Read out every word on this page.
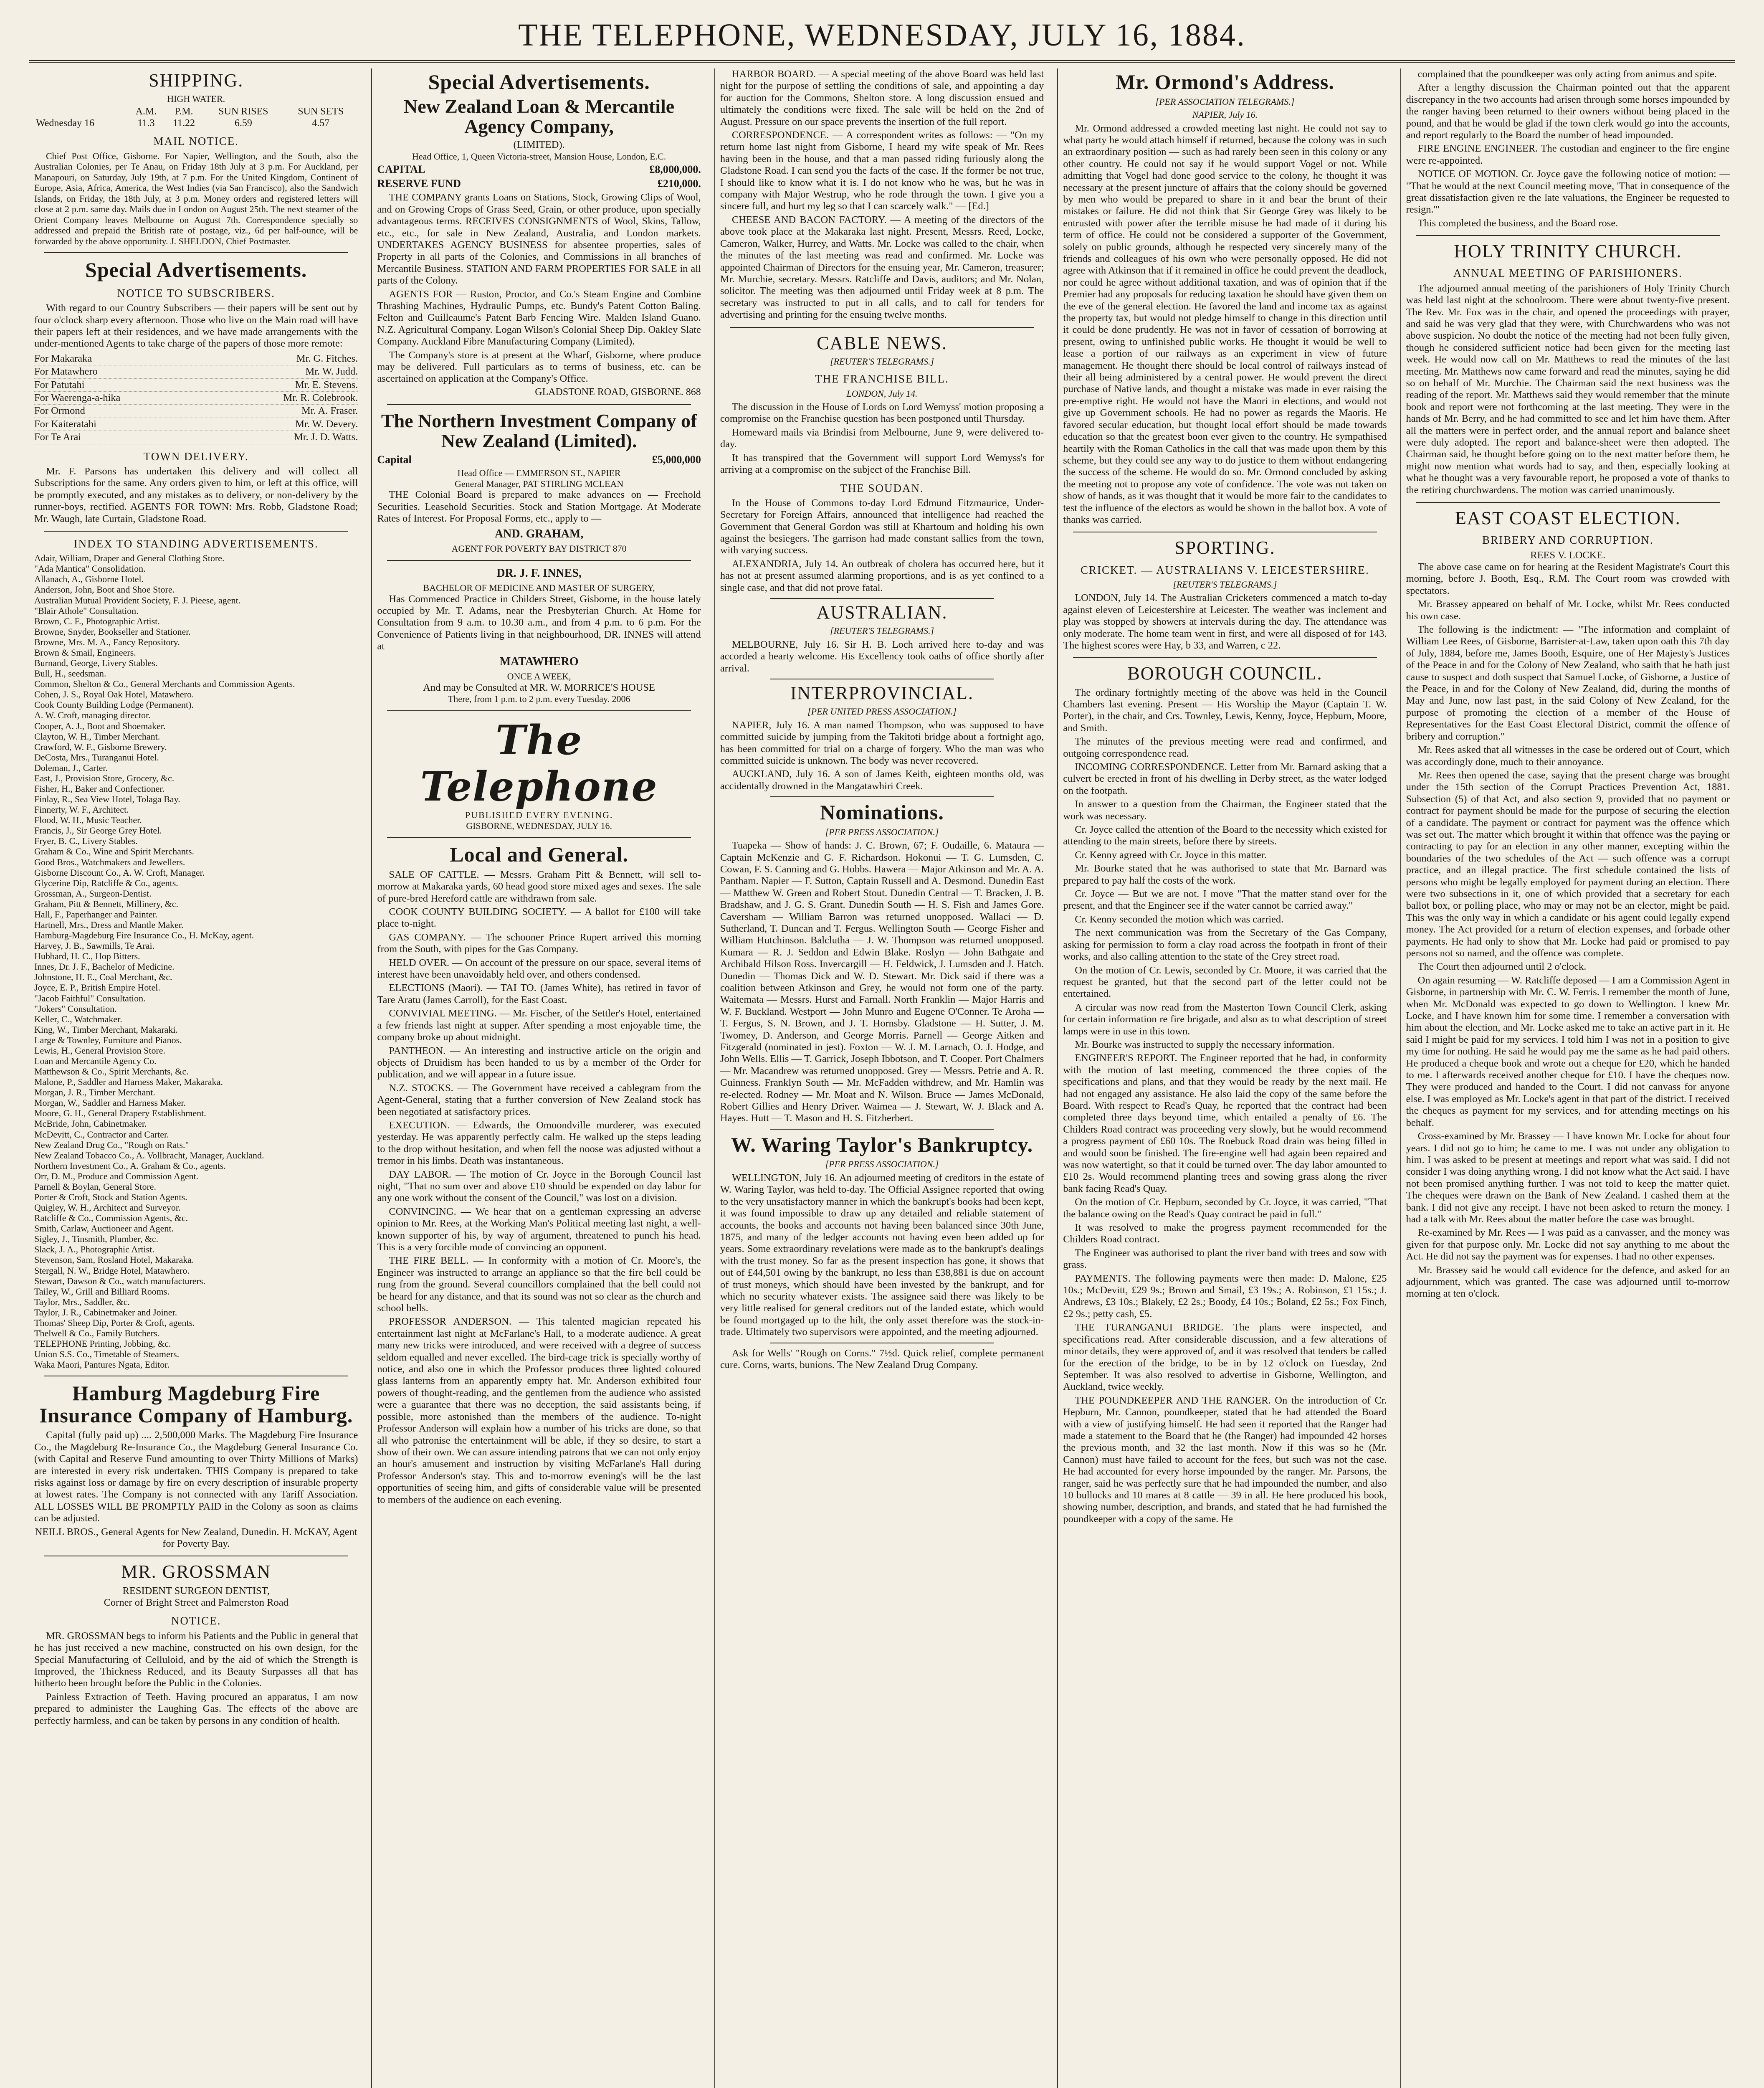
THE TELEPHONE, WEDNESDAY, JULY 16, 1884.
SHIPPING.
HIGH WATER.
	A.M.	P.M.	SUN RISES	SUN SETS
Wednesday 16	11.3	11.22	6.59	4.57
MAIL NOTICE.

Chief Post Office, Gisborne. For Napier, Wellington, and the South, also the Australian Colonies, per Te Anau, on Friday 18th July at 3 p.m. For Auckland, per Manapouri, on Saturday, July 19th, at 7 p.m. For the United Kingdom, Continent of Europe, Asia, Africa, America, the West Indies (via San Francisco), also the Sandwich Islands, on Friday, the 18th July, at 3 p.m. Money orders and registered letters will close at 2 p.m. same day. Mails due in London on August 25th. The next steamer of the Orient Company leaves Melbourne on August 7th. Correspondence specially so addressed and prepaid the British rate of postage, viz., 6d per half-ounce, will be forwarded by the above opportunity. J. SHELDON, Chief Postmaster.

Special Advertisements.
NOTICE TO SUBSCRIBERS.

With regard to our Country Subscribers — their papers will be sent out by four o'clock sharp every afternoon. Those who live on the Main road will have their papers left at their residences, and we have made arrangements with the under-mentioned Agents to take charge of the papers of those more remote:

For Makaraka	Mr. G. Fitches.
For Matawhero	Mr. W. Judd.
For Patutahi	Mr. E. Stevens.
For Waerenga-a-hika	Mr. R. Colebrook.
For Ormond	Mr. A. Fraser.
For Kaiteratahi	Mr. W. Devery.
For Te Arai	Mr. J. D. Watts.
TOWN DELIVERY.

Mr. F. Parsons has undertaken this delivery and will collect all Subscriptions for the same. Any orders given to him, or left at this office, will be promptly executed, and any mistakes as to delivery, or non-delivery by the runner-boys, rectified. AGENTS FOR TOWN: Mrs. Robb, Gladstone Road; Mr. Waugh, late Curtain, Gladstone Road.

INDEX TO STANDING ADVERTISEMENTS.
Adair, William, Draper and General Clothing Store.
"Ada Mantica" Consolidation.
Allanach, A., Gisborne Hotel.
Anderson, John, Boot and Shoe Store.
Australian Mutual Provident Society, F. J. Pieese, agent.
"Blair Athole" Consultation.
Brown, C. F., Photographic Artist.
Browne, Snyder, Bookseller and Stationer.
Browne, Mrs. M. A., Fancy Repository.
Brown & Smail, Engineers.
Burnand, George, Livery Stables.
Bull, H., seedsman.
Common, Shelton & Co., General Merchants and Commission Agents.
Cohen, J. S., Royal Oak Hotel, Matawhero.
Cook County Building Lodge (Permanent).
A. W. Croft, managing director.
Cooper, A. J., Boot and Shoemaker.
Clayton, W. H., Timber Merchant.
Crawford, W. F., Gisborne Brewery.
DeCosta, Mrs., Turanganui Hotel.
Doleman, J., Carter.
East, J., Provision Store, Grocery, &c.
Fisher, H., Baker and Confectioner.
Finlay, R., Sea View Hotel, Tolaga Bay.
Finnerty, W. F., Architect.
Flood, W. H., Music Teacher.
Francis, J., Sir George Grey Hotel.
Fryer, B. C., Livery Stables.
Graham & Co., Wine and Spirit Merchants.
Good Bros., Watchmakers and Jewellers.
Gisborne Discount Co., A. W. Croft, Manager.
Glycerine Dip, Ratcliffe & Co., agents.
Grossman, A., Surgeon-Dentist.
Graham, Pitt & Bennett, Millinery, &c.
Hall, F., Paperhanger and Painter.
Hartnell, Mrs., Dress and Mantle Maker.
Hamburg-Magdeburg Fire Insurance Co., H. McKay, agent.
Harvey, J. B., Sawmills, Te Arai.
Hubbard, H. C., Hop Bitters.
Innes, Dr. J. F., Bachelor of Medicine.
Johnstone, H. E., Coal Merchant, &c.
Joyce, E. P., British Empire Hotel.
"Jacob Faithful" Consultation.
"Jokers" Consultation.
Keller, C., Watchmaker.
King, W., Timber Merchant, Makaraki.
Large & Townley, Furniture and Pianos.
Lewis, H., General Provision Store.
Loan and Mercantile Agency Co.
Matthewson & Co., Spirit Merchants, &c.
Malone, P., Saddler and Harness Maker, Makaraka.
Morgan, J. R., Timber Merchant.
Morgan, W., Saddler and Harness Maker.
Moore, G. H., General Drapery Establishment.
McBride, John, Cabinetmaker.
McDevitt, C., Contractor and Carter.
New Zealand Drug Co., "Rough on Rats."
New Zealand Tobacco Co., A. Vollbracht, Manager, Auckland.
Northern Investment Co., A. Graham & Co., agents.
Orr, D. M., Produce and Commission Agent.
Parnell & Boylan, General Store.
Porter & Croft, Stock and Station Agents.
Quigley, W. H., Architect and Surveyor.
Ratcliffe & Co., Commission Agents, &c.
Smith, Carlaw, Auctioneer and Agent.
Sigley, J., Tinsmith, Plumber, &c.
Slack, J. A., Photographic Artist.
Stevenson, Sam, Rosland Hotel, Makaraka.
Stergall, N. W., Bridge Hotel, Matawhero.
Stewart, Dawson & Co., watch manufacturers.
Tailey, W., Grill and Billiard Rooms.
Taylor, Mrs., Saddler, &c.
Taylor, J. R., Cabinetmaker and Joiner.
Thomas' Sheep Dip, Porter & Croft, agents.
Thelwell & Co., Family Butchers.
TELEPHONE Printing, Jobbing, &c.
Union S.S. Co., Timetable of Steamers.
Waka Maori, Pantures Ngata, Editor.
Hamburg Magdeburg Fire Insurance Company of Hamburg.

Capital (fully paid up) .... 2,500,000 Marks. The Magdeburg Fire Insurance Co., the Magdeburg Re-Insurance Co., the Magdeburg General Insurance Co. (with Capital and Reserve Fund amounting to over Thirty Millions of Marks) are interested in every risk undertaken. THIS Company is prepared to take risks against loss or damage by fire on every description of insurable property at lowest rates. The Company is not connected with any Tariff Association. ALL LOSSES WILL BE PROMPTLY PAID in the Colony as soon as claims can be adjusted.

NEILL BROS., General Agents for New Zealand, Dunedin. H. McKAY, Agent for Poverty Bay.

MR. GROSSMAN
RESIDENT SURGEON DENTIST,
Corner of Bright Street and Palmerston Road
NOTICE.

MR. GROSSMAN begs to inform his Patients and the Public in general that he has just received a new machine, constructed on his own design, for the Special Manufacturing of Celluloid, and by the aid of which the Strength is Improved, the Thickness Reduced, and its Beauty Surpasses all that has hitherto been brought before the Public in the Colonies.

Painless Extraction of Teeth. Having procured an apparatus, I am now prepared to administer the Laughing Gas. The effects of the above are perfectly harmless, and can be taken by persons in any condition of health.

Special Advertisements.
New Zealand Loan & Mercantile Agency Company,
(LIMITED).
Head Office, 1, Queen Victoria-street, Mansion House, London, E.C.
CAPITAL	£8,000,000.
RESERVE FUND	£210,000.

THE COMPANY grants Loans on Stations, Stock, Growing Clips of Wool, and on Growing Crops of Grass Seed, Grain, or other produce, upon specially advantageous terms. RECEIVES CONSIGNMENTS of Wool, Skins, Tallow, etc., etc., for sale in New Zealand, Australia, and London markets. UNDERTAKES AGENCY BUSINESS for absentee properties, sales of Property in all parts of the Colonies, and Commissions in all branches of Mercantile Business. STATION AND FARM PROPERTIES FOR SALE in all parts of the Colony.

AGENTS FOR — Ruston, Proctor, and Co.'s Steam Engine and Combine Thrashing Machines, Hydraulic Pumps, etc. Bundy's Patent Cotton Baling. Felton and Guilleaume's Patent Barb Fencing Wire. Malden Island Guano. N.Z. Agricultural Company. Logan Wilson's Colonial Sheep Dip. Oakley Slate Company. Auckland Fibre Manufacturing Company (Limited).

The Company's store is at present at the Wharf, Gisborne, where produce may be delivered. Full particulars as to terms of business, etc. can be ascertained on application at the Company's Office.

GLADSTONE ROAD, GISBORNE. 868
The Northern Investment Company of New Zealand (Limited).
Capital	£5,000,000
Head Office — EMMERSON ST., NAPIER
General Manager, PAT STIRLING MCLEAN

THE Colonial Board is prepared to make advances on — Freehold Securities. Leasehold Securities. Stock and Station Mortgage. At Moderate Rates of Interest. For Proposal Forms, etc., apply to —

AND. GRAHAM,
AGENT FOR POVERTY BAY DISTRICT 870
DR. J. F. INNES,
BACHELOR OF MEDICINE AND MASTER OF SURGERY,

Has Commenced Practice in Childers Street, Gisborne, in the house lately occupied by Mr. T. Adams, near the Presbyterian Church. At Home for Consultation from 9 a.m. to 10.30 a.m., and from 4 p.m. to 6 p.m. For the Convenience of Patients living in that neighbourhood, DR. INNES will attend at

MATAWHERO
ONCE A WEEK,
And may be Consulted at MR. W. MORRICE'S HOUSE
There, from 1 p.m. to 2 p.m. every Tuesday. 2006
The Telephone
PUBLISHED EVERY EVENING.
GISBORNE, WEDNESDAY, JULY 16.
Local and General.

SALE OF CATTLE. — Messrs. Graham Pitt & Bennett, will sell to-morrow at Makaraka yards, 60 head good store mixed ages and sexes. The sale of pure-bred Hereford cattle are withdrawn from sale.

COOK COUNTY BUILDING SOCIETY. — A ballot for £100 will take place to-night.

GAS COMPANY. — The schooner Prince Rupert arrived this morning from the South, with pipes for the Gas Company.

HELD OVER. — On account of the pressure on our space, several items of interest have been unavoidably held over, and others condensed.

ELECTIONS (Maori). — TAI TO. (James White), has retired in favor of Tare Aratu (James Carroll), for the East Coast.

CONVIVIAL MEETING. — Mr. Fischer, of the Settler's Hotel, entertained a few friends last night at supper. After spending a most enjoyable time, the company broke up about midnight.

PANTHEON. — An interesting and instructive article on the origin and objects of Druidism has been handed to us by a member of the Order for publication, and we will appear in a future issue.

N.Z. STOCKS. — The Government have received a cablegram from the Agent-General, stating that a further conversion of New Zealand stock has been negotiated at satisfactory prices.

EXECUTION. — Edwards, the Omoondville murderer, was executed yesterday. He was apparently perfectly calm. He walked up the steps leading to the drop without hesitation, and when fell the noose was adjusted without a tremor in his limbs. Death was instantaneous.

DAY LABOR. — The motion of Cr. Joyce in the Borough Council last night, "That no sum over and above £10 should be expended on day labor for any one work without the consent of the Council," was lost on a division.

CONVINCING. — We hear that on a gentleman expressing an adverse opinion to Mr. Rees, at the Working Man's Political meeting last night, a well-known supporter of his, by way of argument, threatened to punch his head. This is a very forcible mode of convincing an opponent.

THE FIRE BELL. — In conformity with a motion of Cr. Moore's, the Engineer was instructed to arrange an appliance so that the fire bell could be rung from the ground. Several councillors complained that the bell could not be heard for any distance, and that its sound was not so clear as the church and school bells.

PROFESSOR ANDERSON. — This talented magician repeated his entertainment last night at McFarlane's Hall, to a moderate audience. A great many new tricks were introduced, and were received with a degree of success seldom equalled and never excelled. The bird-cage trick is specially worthy of notice, and also one in which the Professor produces three lighted coloured glass lanterns from an apparently empty hat. Mr. Anderson exhibited four powers of thought-reading, and the gentlemen from the audience who assisted were a guarantee that there was no deception, the said assistants being, if possible, more astonished than the members of the audience. To-night Professor Anderson will explain how a number of his tricks are done, so that all who patronise the entertainment will be able, if they so desire, to start a show of their own. We can assure intending patrons that we can not only enjoy an hour's amusement and instruction by visiting McFarlane's Hall during Professor Anderson's stay. This and to-morrow evening's will be the last opportunities of seeing him, and gifts of considerable value will be presented to members of the audience on each evening.

HARBOR BOARD. — A special meeting of the above Board was held last night for the purpose of settling the conditions of sale, and appointing a day for auction for the Commons, Shelton store. A long discussion ensued and ultimately the conditions were fixed. The sale will be held on the 2nd of August. Pressure on our space prevents the insertion of the full report.

CORRESPONDENCE. — A correspondent writes as follows: — "On my return home last night from Gisborne, I heard my wife speak of Mr. Rees having been in the house, and that a man passed riding furiously along the Gladstone Road. I can send you the facts of the case. If the former be not true, I should like to know what it is. I do not know who he was, but he was in company with Major Westrup, who he rode through the town. I give you a sincere full, and hurt my leg so that I can scarcely walk." — [Ed.]

CHEESE AND BACON FACTORY. — A meeting of the directors of the above took place at the Makaraka last night. Present, Messrs. Reed, Locke, Cameron, Walker, Hurrey, and Watts. Mr. Locke was called to the chair, when the minutes of the last meeting was read and confirmed. Mr. Locke was appointed Chairman of Directors for the ensuing year, Mr. Cameron, treasurer; Mr. Murchie, secretary. Messrs. Ratcliffe and Davis, auditors; and Mr. Nolan, solicitor. The meeting was then adjourned until Friday week at 8 p.m. The secretary was instructed to put in all calls, and to call for tenders for advertising and printing for the ensuing twelve months.

CABLE NEWS.
[REUTER'S TELEGRAMS.]
THE FRANCHISE BILL.
LONDON, July 14.

The discussion in the House of Lords on Lord Wemyss' motion proposing a compromise on the Franchise question has been postponed until Thursday.

Homeward mails via Brindisi from Melbourne, June 9, were delivered to-day.

It has transpired that the Government will support Lord Wemyss's for arriving at a compromise on the subject of the Franchise Bill.

THE SOUDAN.

In the House of Commons to-day Lord Edmund Fitzmaurice, Under-Secretary for Foreign Affairs, announced that intelligence had reached the Government that General Gordon was still at Khartoum and holding his own against the besiegers. The garrison had made constant sallies from the town, with varying success.

ALEXANDRIA, July 14. An outbreak of cholera has occurred here, but it has not at present assumed alarming proportions, and is as yet confined to a single case, and that did not prove fatal.

AUSTRALIAN.
[REUTER'S TELEGRAMS.]

MELBOURNE, July 16. Sir H. B. Loch arrived here to-day and was accorded a hearty welcome. His Excellency took oaths of office shortly after arrival.

INTERPROVINCIAL.
[PER UNITED PRESS ASSOCIATION.]

NAPIER, July 16. A man named Thompson, who was supposed to have committed suicide by jumping from the Takitoti bridge about a fortnight ago, has been committed for trial on a charge of forgery. Who the man was who committed suicide is unknown. The body was never recovered.

AUCKLAND, July 16. A son of James Keith, eighteen months old, was accidentally drowned in the Mangatawhiri Creek.

Nominations.
[PER PRESS ASSOCIATION.]

Tuapeka — Show of hands: J. C. Brown, 67; F. Oudaille, 6. Mataura — Captain McKenzie and G. F. Richardson. Hokonui — T. G. Lumsden, C. Cowan, F. S. Canning and G. Hobbs. Hawera — Major Atkinson and Mr. A. A. Pantham. Napier — F. Sutton, Captain Russell and A. Desmond. Dunedin East — Matthew W. Green and Robert Stout. Dunedin Central — T. Bracken, J. B. Bradshaw, and J. G. S. Grant. Dunedin South — H. S. Fish and James Gore. Caversham — William Barron was returned unopposed. Wallaci — D. Sutherland, T. Duncan and T. Fergus. Wellington South — George Fisher and William Hutchinson. Balclutha — J. W. Thompson was returned unopposed. Kumara — R. J. Seddon and Edwin Blake. Roslyn — John Bathgate and Archibald Hilson Ross. Invercargill — H. Feldwick, J. Lumsden and J. Hatch. Dunedin — Thomas Dick and W. D. Stewart. Mr. Dick said if there was a coalition between Atkinson and Grey, he would not form one of the party. Waitemata — Messrs. Hurst and Farnall. North Franklin — Major Harris and W. F. Buckland. Westport — John Munro and Eugene O'Conner. Te Aroha — T. Fergus, S. N. Brown, and J. T. Hornsby. Gladstone — H. Sutter, J. M. Twomey, D. Anderson, and George Morris. Parnell — George Aitken and Fitzgerald (nominated in jest). Foxton — W. J. M. Larnach, O. J. Hodge, and John Wells. Ellis — T. Garrick, Joseph Ibbotson, and T. Cooper. Port Chalmers — Mr. Macandrew was returned unopposed. Grey — Messrs. Petrie and A. R. Guinness. Franklyn South — Mr. McFadden withdrew, and Mr. Hamlin was re-elected. Rodney — Mr. Moat and N. Wilson. Bruce — James McDonald, Robert Gillies and Henry Driver. Waimea — J. Stewart, W. J. Black and A. Hayes. Hutt — T. Mason and H. S. Fitzherbert.

W. Waring Taylor's Bankruptcy.
[PER PRESS ASSOCIATION.]

WELLINGTON, July 16. An adjourned meeting of creditors in the estate of W. Waring Taylor, was held to-day. The Official Assignee reported that owing to the very unsatisfactory manner in which the bankrupt's books had been kept, it was found impossible to draw up any detailed and reliable statement of accounts, the books and accounts not having been balanced since 30th June, 1875, and many of the ledger accounts not having even been added up for years. Some extraordinary revelations were made as to the bankrupt's dealings with the trust money. So far as the present inspection has gone, it shows that out of £44,501 owing by the bankrupt, no less than £38,881 is due on account of trust moneys, which should have been invested by the bankrupt, and for which no security whatever exists. The assignee said there was likely to be very little realised for general creditors out of the landed estate, which would be found mortgaged up to the hilt, the only asset therefore was the stock-in-trade. Ultimately two supervisors were appointed, and the meeting adjourned.

Ask for Wells' "Rough on Corns." 7½d. Quick relief, complete permanent cure. Corns, warts, bunions. The New Zealand Drug Company.

Mr. Ormond's Address.
[PER ASSOCIATION TELEGRAMS.]
NAPIER, July 16.

Mr. Ormond addressed a crowded meeting last night. He could not say to what party he would attach himself if returned, because the colony was in such an extraordinary position — such as had rarely been seen in this colony or any other country. He could not say if he would support Vogel or not. While admitting that Vogel had done good service to the colony, he thought it was necessary at the present juncture of affairs that the colony should be governed by men who would be prepared to share in it and bear the brunt of their mistakes or failure. He did not think that Sir George Grey was likely to be entrusted with power after the terrible misuse he had made of it during his term of office. He could not be considered a supporter of the Government, solely on public grounds, although he respected very sincerely many of the friends and colleagues of his own who were personally opposed. He did not agree with Atkinson that if it remained in office he could prevent the deadlock, nor could he agree without additional taxation, and was of opinion that if the Premier had any proposals for reducing taxation he should have given them on the eve of the general election. He favored the land and income tax as against the property tax, but would not pledge himself to change in this direction until it could be done prudently. He was not in favor of cessation of borrowing at present, owing to unfinished public works. He thought it would be well to lease a portion of our railways as an experiment in view of future management. He thought there should be local control of railways instead of their all being administered by a central power. He would prevent the direct purchase of Native lands, and thought a mistake was made in ever raising the pre-emptive right. He would not have the Maori in elections, and would not give up Government schools. He had no power as regards the Maoris. He favored secular education, but thought local effort should be made towards education so that the greatest boon ever given to the country. He sympathised heartily with the Roman Catholics in the call that was made upon them by this scheme, but they could see any way to do justice to them without endangering the success of the scheme. He would do so. Mr. Ormond concluded by asking the meeting not to propose any vote of confidence. The vote was not taken on show of hands, as it was thought that it would be more fair to the candidates to test the influence of the electors as would be shown in the ballot box. A vote of thanks was carried.

SPORTING.
CRICKET. — AUSTRALIANS V. LEICESTERSHIRE.
[REUTER'S TELEGRAMS.]

LONDON, July 14. The Australian Cricketers commenced a match to-day against eleven of Leicestershire at Leicester. The weather was inclement and play was stopped by showers at intervals during the day. The attendance was only moderate. The home team went in first, and were all disposed of for 143. The highest scores were Hay, b 33, and Warren, c 22.

BOROUGH COUNCIL.

The ordinary fortnightly meeting of the above was held in the Council Chambers last evening. Present — His Worship the Mayor (Captain T. W. Porter), in the chair, and Crs. Townley, Lewis, Kenny, Joyce, Hepburn, Moore, and Smith.

The minutes of the previous meeting were read and confirmed, and outgoing correspondence read.

INCOMING CORRESPONDENCE. Letter from Mr. Barnard asking that a culvert be erected in front of his dwelling in Derby street, as the water lodged on the footpath.

In answer to a question from the Chairman, the Engineer stated that the work was necessary.

Cr. Joyce called the attention of the Board to the necessity which existed for attending to the main streets, before there by streets.

Cr. Kenny agreed with Cr. Joyce in this matter.

Mr. Bourke stated that he was authorised to state that Mr. Barnard was prepared to pay half the costs of the work.

Cr. Joyce — But we are not. I move "That the matter stand over for the present, and that the Engineer see if the water cannot be carried away."

Cr. Kenny seconded the motion which was carried.

The next communication was from the Secretary of the Gas Company, asking for permission to form a clay road across the footpath in front of their works, and also calling attention to the state of the Grey street road.

On the motion of Cr. Lewis, seconded by Cr. Moore, it was carried that the request be granted, but that the second part of the letter could not be entertained.

A circular was now read from the Masterton Town Council Clerk, asking for certain information re fire brigade, and also as to what description of street lamps were in use in this town.

Mr. Bourke was instructed to supply the necessary information.

ENGINEER'S REPORT. The Engineer reported that he had, in conformity with the motion of last meeting, commenced the three copies of the specifications and plans, and that they would be ready by the next mail. He had not engaged any assistance. He also laid the copy of the same before the Board. With respect to Read's Quay, he reported that the contract had been completed three days beyond time, which entailed a penalty of £6. The Childers Road contract was proceeding very slowly, but he would recommend a progress payment of £60 10s. The Roebuck Road drain was being filled in and would soon be finished. The fire-engine well had again been repaired and was now watertight, so that it could be turned over. The day labor amounted to £10 2s. Would recommend planting trees and sowing grass along the river bank facing Read's Quay.

On the motion of Cr. Hepburn, seconded by Cr. Joyce, it was carried, "That the balance owing on the Read's Quay contract be paid in full."

It was resolved to make the progress payment recommended for the Childers Road contract.

The Engineer was authorised to plant the river band with trees and sow with grass.

PAYMENTS. The following payments were then made: D. Malone, £25 10s.; McDevitt, £29 9s.; Brown and Smail, £3 19s.; A. Robinson, £1 15s.; J. Andrews, £3 10s.; Blakely, £2 2s.; Boody, £4 10s.; Boland, £2 5s.; Fox Finch, £2 9s.; petty cash, £5.

THE TURANGANUI BRIDGE. The plans were inspected, and specifications read. After considerable discussion, and a few alterations of minor details, they were approved of, and it was resolved that tenders be called for the erection of the bridge, to be in by 12 o'clock on Tuesday, 2nd September. It was also resolved to advertise in Gisborne, Wellington, and Auckland, twice weekly.

THE POUNDKEEPER AND THE RANGER. On the introduction of Cr. Hepburn, Mr. Cannon, poundkeeper, stated that he had attended the Board with a view of justifying himself. He had seen it reported that the Ranger had made a statement to the Board that he (the Ranger) had impounded 42 horses the previous month, and 32 the last month. Now if this was so he (Mr. Cannon) must have failed to account for the fees, but such was not the case. He had accounted for every horse impounded by the ranger. Mr. Parsons, the ranger, said he was perfectly sure that he had impounded the number, and also 10 bullocks and 10 mares at 8 cattle — 39 in all. He here produced his book, showing number, description, and brands, and stated that he had furnished the poundkeeper with a copy of the same. He

complained that the poundkeeper was only acting from animus and spite.

After a lengthy discussion the Chairman pointed out that the apparent discrepancy in the two accounts had arisen through some horses impounded by the ranger having been returned to their owners without being placed in the pound, and that he would be glad if the town clerk would go into the accounts, and report regularly to the Board the number of head impounded.

FIRE ENGINE ENGINEER. The custodian and engineer to the fire engine were re-appointed.

NOTICE OF MOTION. Cr. Joyce gave the following notice of motion: — "That he would at the next Council meeting move, 'That in consequence of the great dissatisfaction given re the late valuations, the Engineer be requested to resign.'"

This completed the business, and the Board rose.

HOLY TRINITY CHURCH.
ANNUAL MEETING OF PARISHIONERS.

The adjourned annual meeting of the parishioners of Holy Trinity Church was held last night at the schoolroom. There were about twenty-five present. The Rev. Mr. Fox was in the chair, and opened the proceedings with prayer, and said he was very glad that they were, with Churchwardens who was not above suspicion. No doubt the notice of the meeting had not been fully given, though he considered sufficient notice had been given for the meeting last week. He would now call on Mr. Matthews to read the minutes of the last meeting. Mr. Matthews now came forward and read the minutes, saying he did so on behalf of Mr. Murchie. The Chairman said the next business was the reading of the report. Mr. Matthews said they would remember that the minute book and report were not forthcoming at the last meeting. They were in the hands of Mr. Berry, and he had committed to see and let him have them. After all the matters were in perfect order, and the annual report and balance sheet were duly adopted. The report and balance-sheet were then adopted. The Chairman said, he thought before going on to the next matter before them, he might now mention what words had to say, and then, especially looking at what he thought was a very favourable report, he proposed a vote of thanks to the retiring churchwardens. The motion was carried unanimously.

EAST COAST ELECTION.
BRIBERY AND CORRUPTION.
REES V. LOCKE.

The above case came on for hearing at the Resident Magistrate's Court this morning, before J. Booth, Esq., R.M. The Court room was crowded with spectators.

Mr. Brassey appeared on behalf of Mr. Locke, whilst Mr. Rees conducted his own case.

The following is the indictment: — "The information and complaint of William Lee Rees, of Gisborne, Barrister-at-Law, taken upon oath this 7th day of July, 1884, before me, James Booth, Esquire, one of Her Majesty's Justices of the Peace in and for the Colony of New Zealand, who saith that he hath just cause to suspect and doth suspect that Samuel Locke, of Gisborne, a Justice of the Peace, in and for the Colony of New Zealand, did, during the months of May and June, now last past, in the said Colony of New Zealand, for the purpose of promoting the election of a member of the House of Representatives for the East Coast Electoral District, commit the offence of bribery and corruption."

Mr. Rees asked that all witnesses in the case be ordered out of Court, which was accordingly done, much to their annoyance.

Mr. Rees then opened the case, saying that the present charge was brought under the 15th section of the Corrupt Practices Prevention Act, 1881. Subsection (5) of that Act, and also section 9, provided that no payment or contract for payment should be made for the purpose of securing the election of a candidate. The payment or contract for payment was the offence which was set out. The matter which brought it within that offence was the paying or contracting to pay for an election in any other manner, excepting within the boundaries of the two schedules of the Act — such offence was a corrupt practice, and an illegal practice. The first schedule contained the lists of persons who might be legally employed for payment during an election. There were two subsections in it, one of which provided that a secretary for each ballot box, or polling place, who may or may not be an elector, might be paid. This was the only way in which a candidate or his agent could legally expend money. The Act provided for a return of election expenses, and forbade other payments. He had only to show that Mr. Locke had paid or promised to pay persons not so named, and the offence was complete.

The Court then adjourned until 2 o'clock.

On again resuming — W. Ratcliffe deposed — I am a Commission Agent in Gisborne, in partnership with Mr. C. W. Ferris. I remember the month of June, when Mr. McDonald was expected to go down to Wellington. I knew Mr. Locke, and I have known him for some time. I remember a conversation with him about the election, and Mr. Locke asked me to take an active part in it. He said I might be paid for my services. I told him I was not in a position to give my time for nothing. He said he would pay me the same as he had paid others. He produced a cheque book and wrote out a cheque for £20, which he handed to me. I afterwards received another cheque for £10. I have the cheques now. They were produced and handed to the Court. I did not canvass for anyone else. I was employed as Mr. Locke's agent in that part of the district. I received the cheques as payment for my services, and for attending meetings on his behalf.

Cross-examined by Mr. Brassey — I have known Mr. Locke for about four years. I did not go to him; he came to me. I was not under any obligation to him. I was asked to be present at meetings and report what was said. I did not consider I was doing anything wrong. I did not know what the Act said. I have not been promised anything further. I was not told to keep the matter quiet. The cheques were drawn on the Bank of New Zealand. I cashed them at the bank. I did not give any receipt. I have not been asked to return the money. I had a talk with Mr. Rees about the matter before the case was brought.

Re-examined by Mr. Rees — I was paid as a canvasser, and the money was given for that purpose only. Mr. Locke did not say anything to me about the Act. He did not say the payment was for expenses. I had no other expenses.

Mr. Brassey said he would call evidence for the defence, and asked for an adjournment, which was granted. The case was adjourned until to-morrow morning at ten o'clock.
